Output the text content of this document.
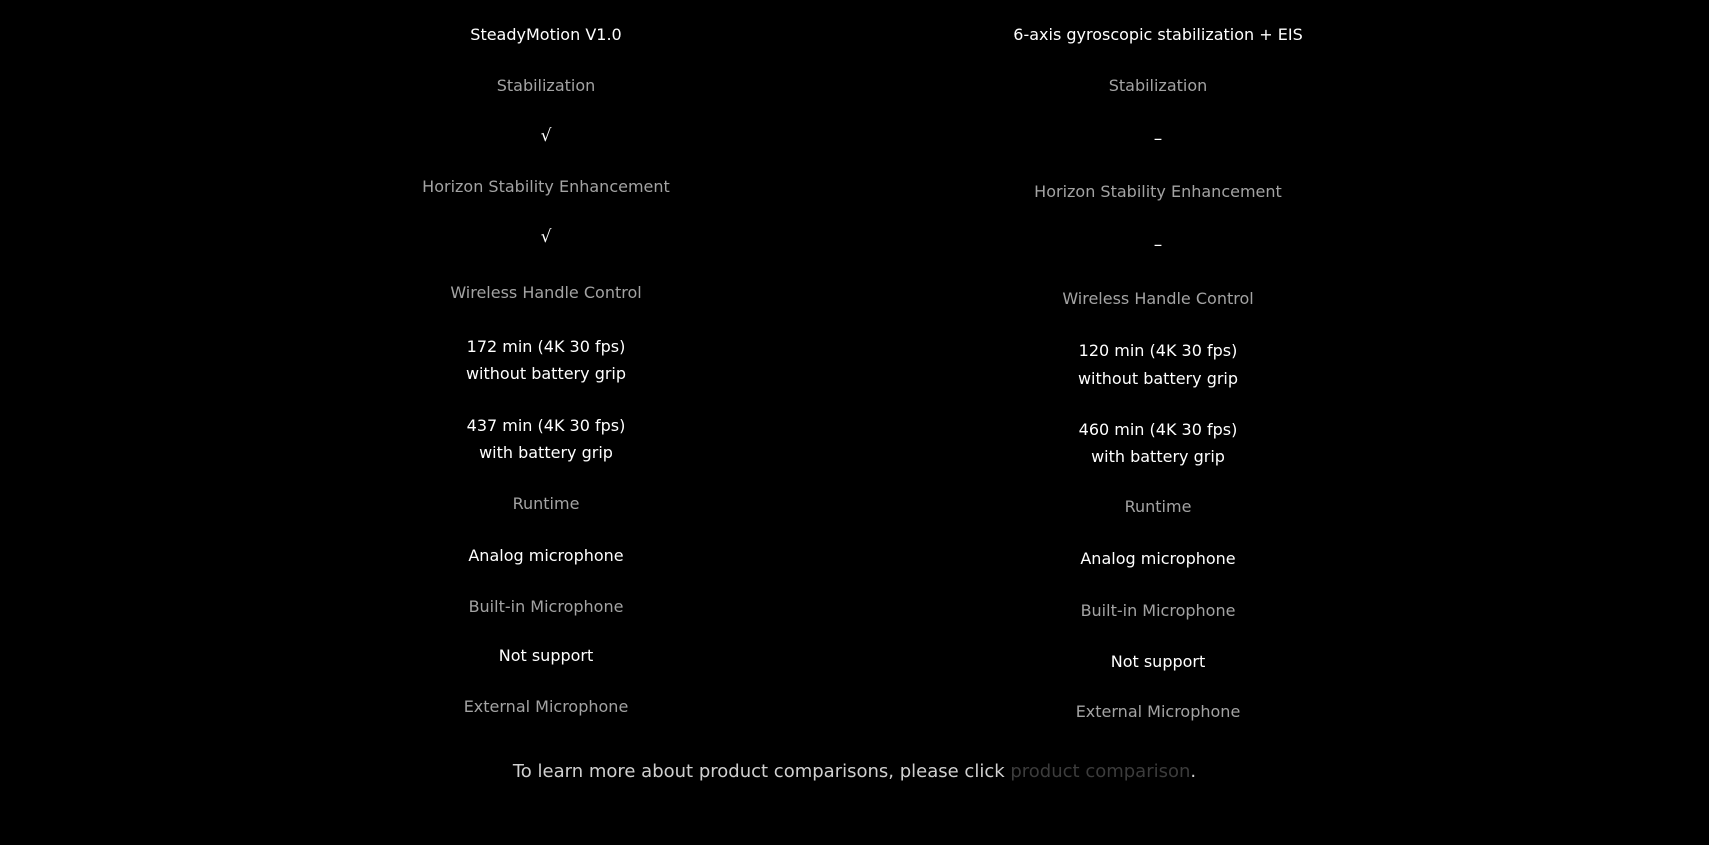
SteadyMotion V1.0
Stabilization
√
Horizon Stability Enhancement
√
Wireless Handle Control
172 min (4K 30 fps)
without battery grip
437 min (4K 30 fps)
with battery grip
Runtime
Analog microphone
Built-in Microphone
Not support
External Microphone
6-axis gyroscopic stabilization + EIS
Stabilization
–
Horizon Stability Enhancement
–
Wireless Handle Control
120 min (4K 30 fps)
without battery grip
460 min (4K 30 fps)
with battery grip
Runtime
Analog microphone
Built-in Microphone
Not support
External Microphone
To learn more about product comparisons, please click product comparison.
